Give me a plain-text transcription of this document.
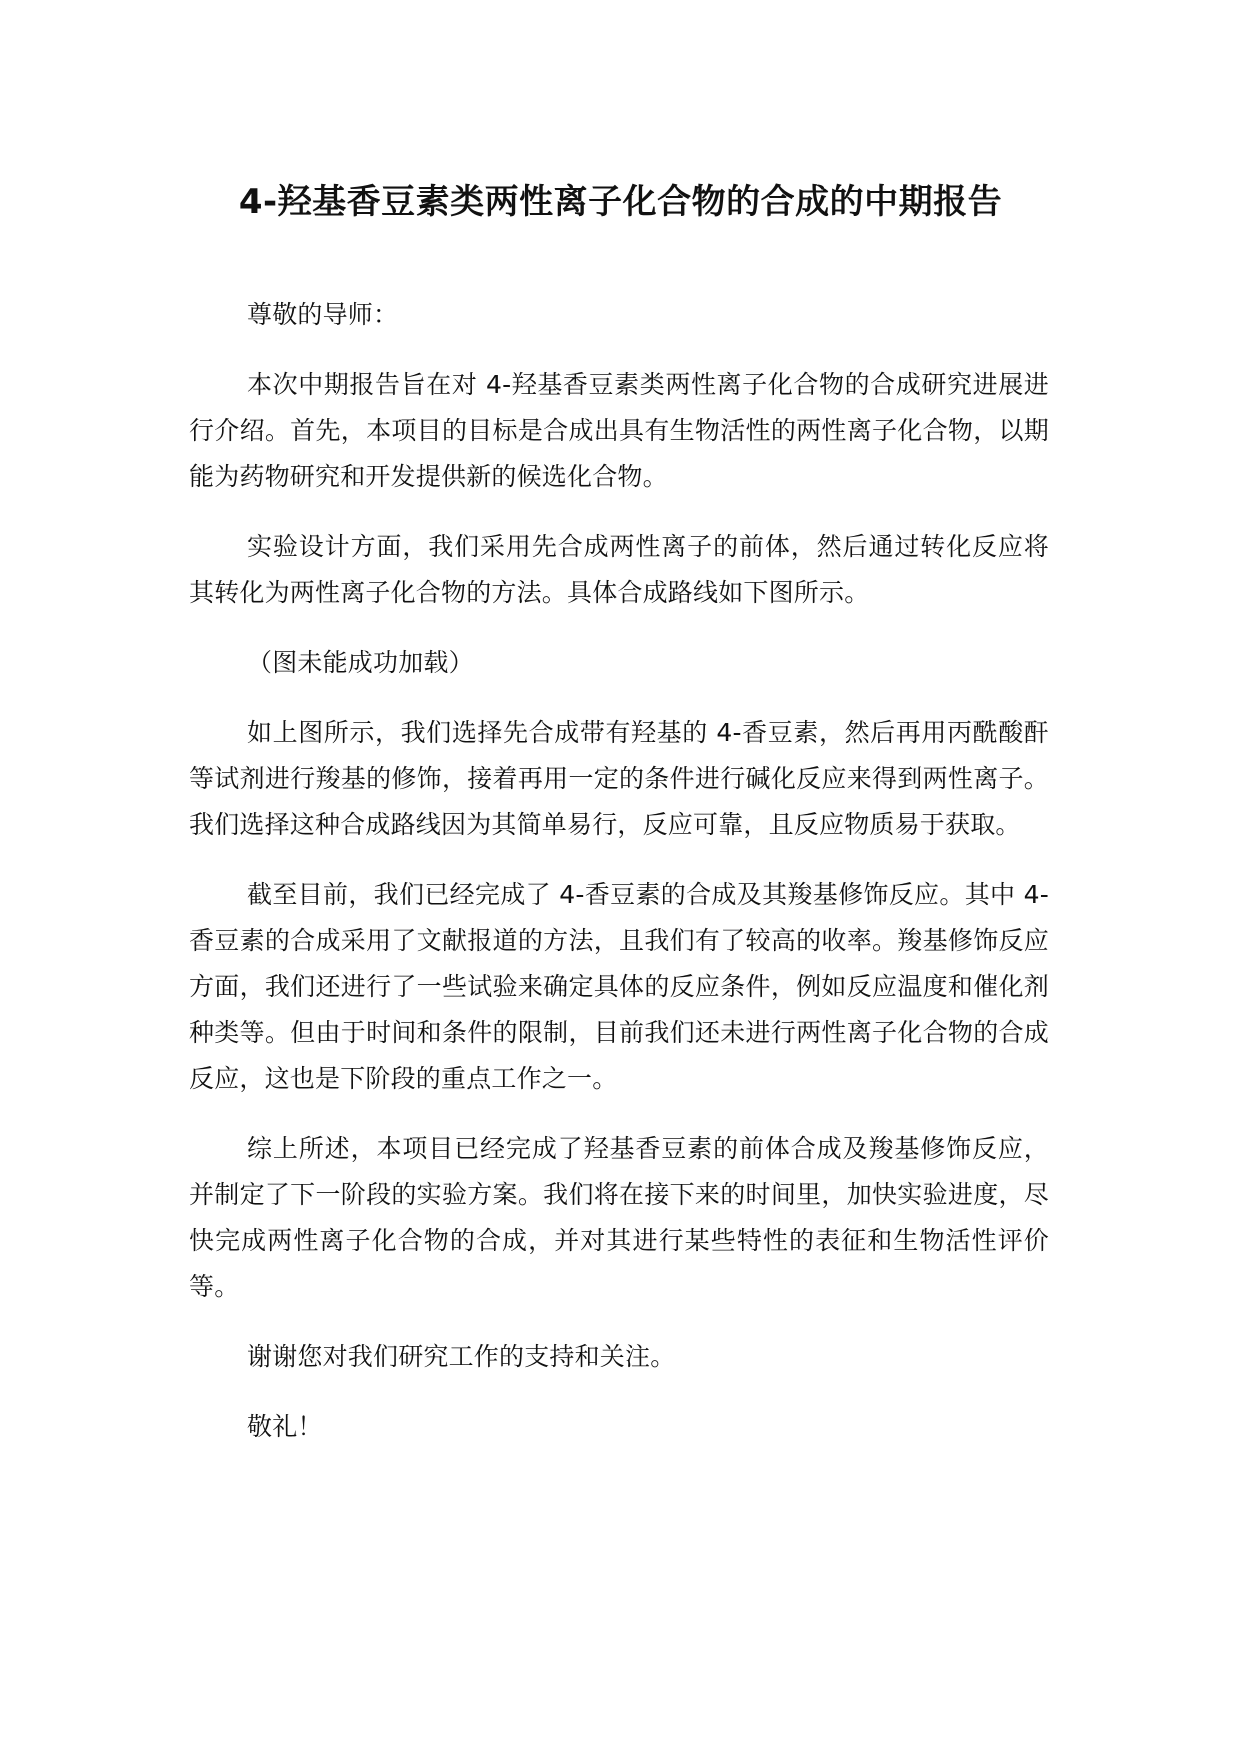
4-羟基香豆素类两性离子化合物的合成的中期报告

尊敬的导师：

本次中期报告旨在对 4-羟基香豆素类两性离子化合物的合成研究进展进行介绍。首先，本项目的目标是合成出具有生物活性的两性离子化合物，以期能为药物研究和开发提供新的候选化合物。

实验设计方面，我们采用先合成两性离子的前体，然后通过转化反应将其转化为两性离子化合物的方法。具体合成路线如下图所示。

（图未能成功加载）

如上图所示，我们选择先合成带有羟基的 4-香豆素，然后再用丙酰酸酐等试剂进行羧基的修饰，接着再用一定的条件进行碱化反应来得到两性离子。我们选择这种合成路线因为其简单易行，反应可靠，且反应物质易于获取。

截至目前，我们已经完成了 4-香豆素的合成及其羧基修饰反应。其中 4-香豆素的合成采用了文献报道的方法，且我们有了较高的收率。羧基修饰反应方面，我们还进行了一些试验来确定具体的反应条件，例如反应温度和催化剂种类等。但由于时间和条件的限制，目前我们还未进行两性离子化合物的合成反应，这也是下阶段的重点工作之一。

综上所述，本项目已经完成了羟基香豆素的前体合成及羧基修饰反应，并制定了下一阶段的实验方案。我们将在接下来的时间里，加快实验进度，尽快完成两性离子化合物的合成，并对其进行某些特性的表征和生物活性评价等。

谢谢您对我们研究工作的支持和关注。

敬礼！
